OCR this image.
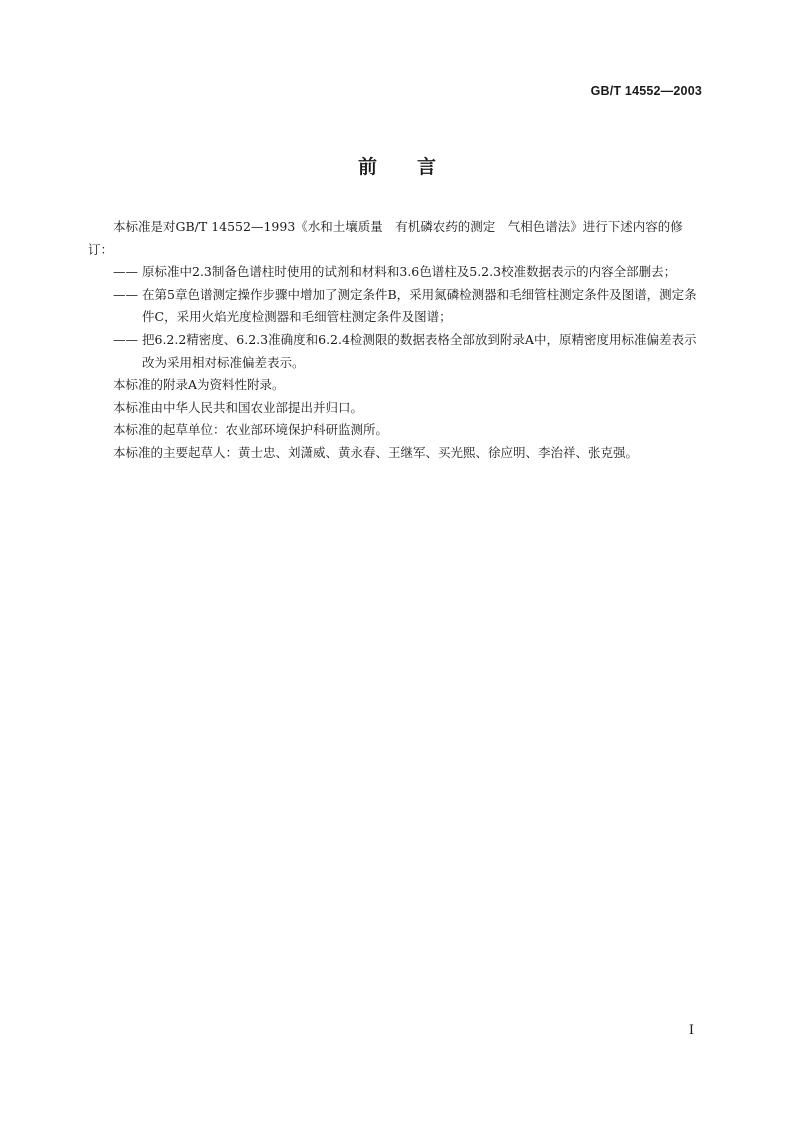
GB/T 14552—2003
前言

本标准是对GB/T 14552—1993《水和土壤质量　有机磷农药的测定　气相色谱法》进行下述内容的修订：

—— 原标准中2.3制备色谱柱时使用的试剂和材料和3.6色谱柱及5.2.3校准数据表示的内容全部删去；

—— 在第5章色谱测定操作步骤中增加了测定条件B，采用氮磷检测器和毛细管柱测定条件及图谱，测定条件C，采用火焰光度检测器和毛细管柱测定条件及图谱；

—— 把6.2.2精密度、6.2.3准确度和6.2.4检测限的数据表格全部放到附录A中，原精密度用标准偏差表示改为采用相对标准偏差表示。

本标准的附录A为资料性附录。

本标准由中华人民共和国农业部提出并归口。

本标准的起草单位：农业部环境保护科研监测所。

本标准的主要起草人：黄士忠、刘潇威、黄永春、王继军、买光熙、徐应明、李治祥、张克强。

I
